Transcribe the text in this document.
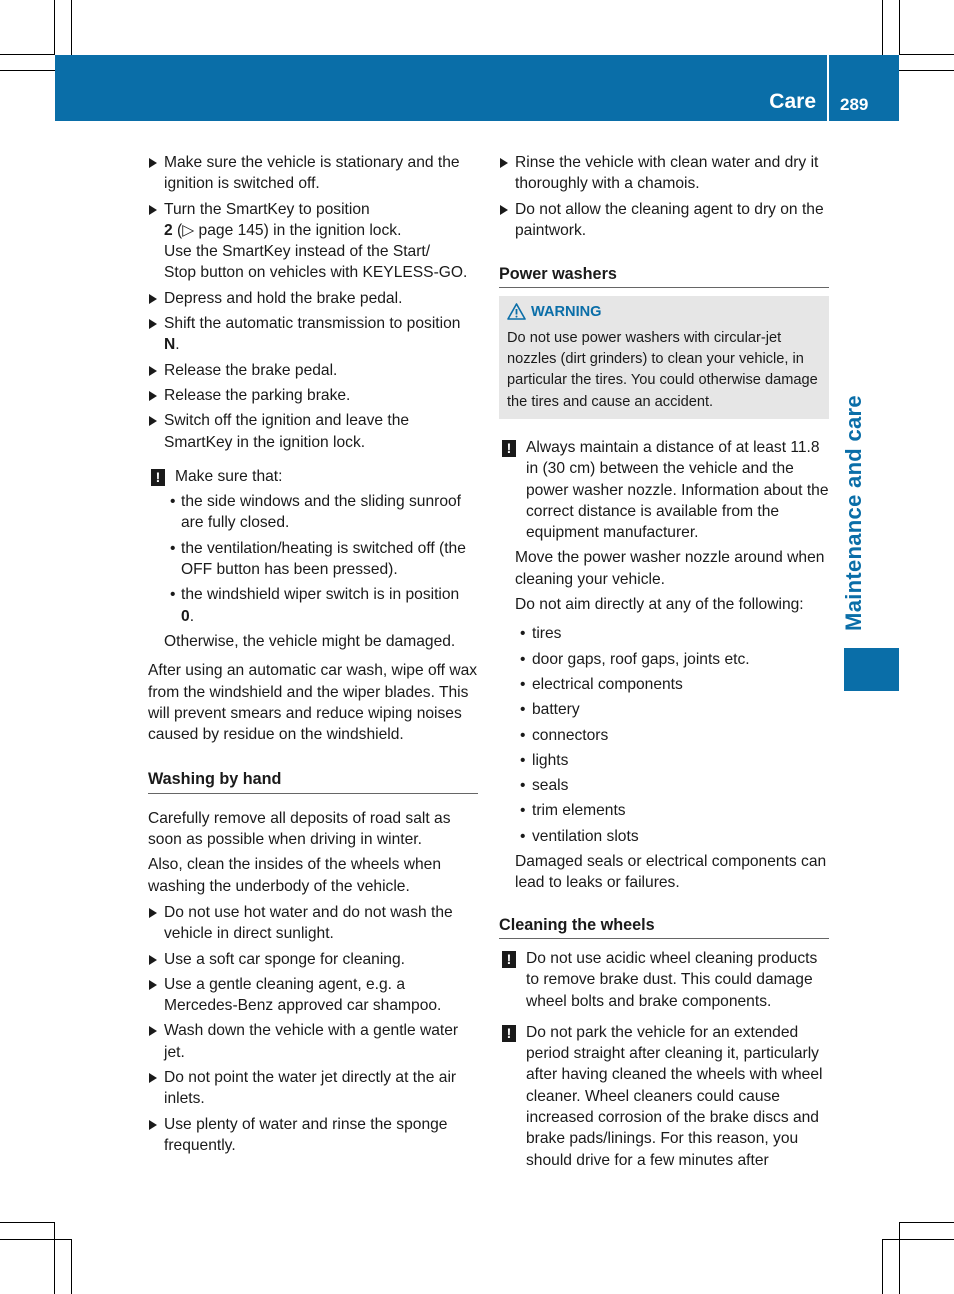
Care 289
Maintenance and care
Make sure the vehicle is stationary and the ignition is switched off.
Turn the SmartKey to position
2 (▷ page 145) in the ignition lock.
Use the SmartKey instead of the Start/
Stop button on vehicles with KEYLESS-GO.
Depress and hold the brake pedal.
Shift the automatic transmission to position N.
Release the brake pedal.
Release the parking brake.
Switch off the ignition and leave the SmartKey in the ignition lock.
! Make sure that:
• the side windows and the sliding sunroof are fully closed.
• the ventilation/heating is switched off (the OFF button has been pressed).
• the windshield wiper switch is in position
0.
Otherwise, the vehicle might be damaged.
After using an automatic car wash, wipe off wax from the windshield and the wiper blades. This will prevent smears and reduce wiping noises caused by residue on the windshield.
Washing by hand
Carefully remove all deposits of road salt as soon as possible when driving in winter.
Also, clean the insides of the wheels when washing the underbody of the vehicle.
Do not use hot water and do not wash the vehicle in direct sunlight.
Use a soft car sponge for cleaning.
Use a gentle cleaning agent, e.g. a Mercedes-Benz approved car shampoo.
Wash down the vehicle with a gentle water jet.
Do not point the water jet directly at the air inlets.
Use plenty of water and rinse the sponge frequently.
Rinse the vehicle with clean water and dry it thoroughly with a chamois.
Do not allow the cleaning agent to dry on the paintwork.
Power washers
WARNING
Do not use power washers with circular-jet nozzles (dirt grinders) to clean your vehicle, in particular the tires. You could otherwise damage the tires and cause an accident.
! Always maintain a distance of at least 11.8 in (30 cm) between the vehicle and the power washer nozzle. Information about the correct distance is available from the equipment manufacturer.
Move the power washer nozzle around when cleaning your vehicle.
Do not aim directly at any of the following:
• tires
• door gaps, roof gaps, joints etc.
• electrical components
• battery
• connectors
• lights
• seals
• trim elements
• ventilation slots
Damaged seals or electrical components can lead to leaks or failures.
Cleaning the wheels
! Do not use acidic wheel cleaning products to remove brake dust. This could damage wheel bolts and brake components.
! Do not park the vehicle for an extended period straight after cleaning it, particularly after having cleaned the wheels with wheel cleaner. Wheel cleaners could cause increased corrosion of the brake discs and brake pads/linings. For this reason, you should drive for a few minutes after
